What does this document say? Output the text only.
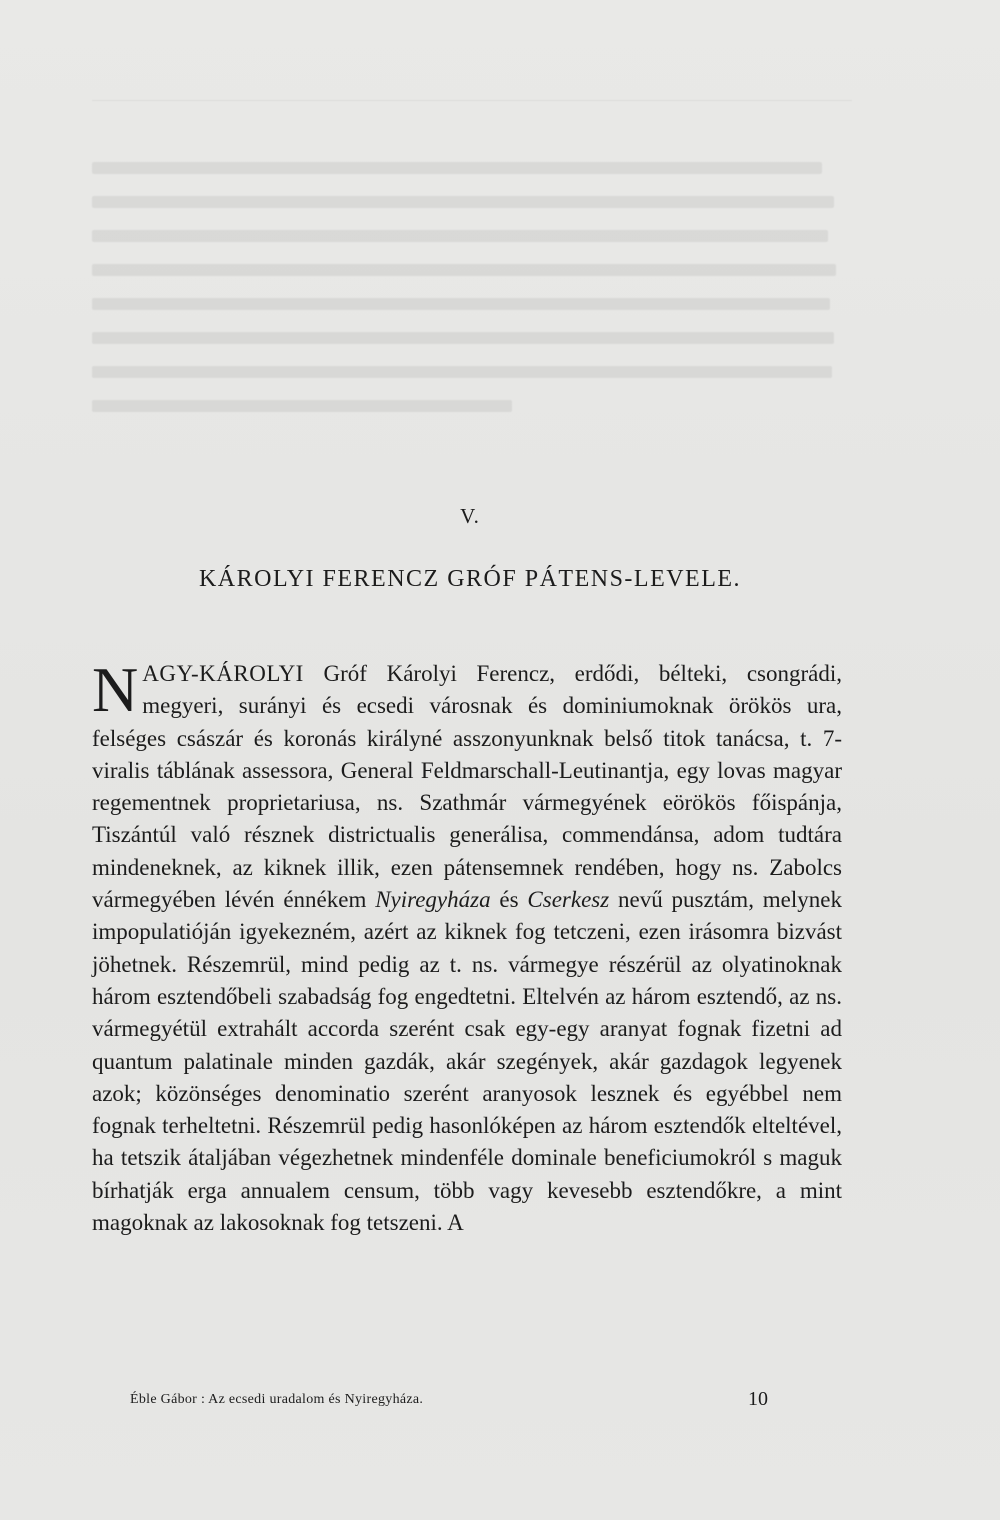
V.
KÁROLYI FERENCZ GRÓF PÁTENS-LEVELE.

NAGY-KÁROLYI Gróf Károlyi Ferencz, erdődi, bélteki, csongrádi, megyeri, surányi és ecsedi városnak és dominiumoknak örökös ura, felséges császár és koronás királyné asszonyunknak belső titok tanácsa, t. 7-viralis táblának assessora, General Feldmarschall-Leutinantja, egy lovas magyar regementnek proprietariusa, ns. Szathmár vármegyének eörökös főispánja, Tiszántúl való résznek districtualis generálisa, commendánsa, adom tudtára mindeneknek, az kiknek illik, ezen pátensemnek rendében, hogy ns. Zabolcs vármegyében lévén énnékem Nyiregyháza és Cserkesz nevű pusztám, melynek impopulatióján igyekezném, azért az kiknek fog tetczeni, ezen irásomra bizvást jöhetnek. Részemrül, mind pedig az t. ns. vármegye részérül az olyatinoknak három esztendőbeli szabadság fog engedtetni. Eltelvén az három esztendő, az ns. vármegyétül extrahált accorda szerént csak egy-egy aranyat fognak fizetni ad quantum palatinale minden gazdák, akár szegények, akár gazdagok legyenek azok; közönséges denominatio szerént aranyosok lesznek és egyébbel nem fognak terheltetni. Részemrül pedig hasonlóképen az három esztendők elteltével, ha tetszik átaljában végezhetnek mindenféle dominale beneficiumokról s maguk bírhatják erga annualem censum, több vagy kevesebb esztendőkre, a mint magoknak az lakosoknak fog tetszeni. A

Éble Gábor : Az ecsedi uradalom és Nyiregyháza.	10
